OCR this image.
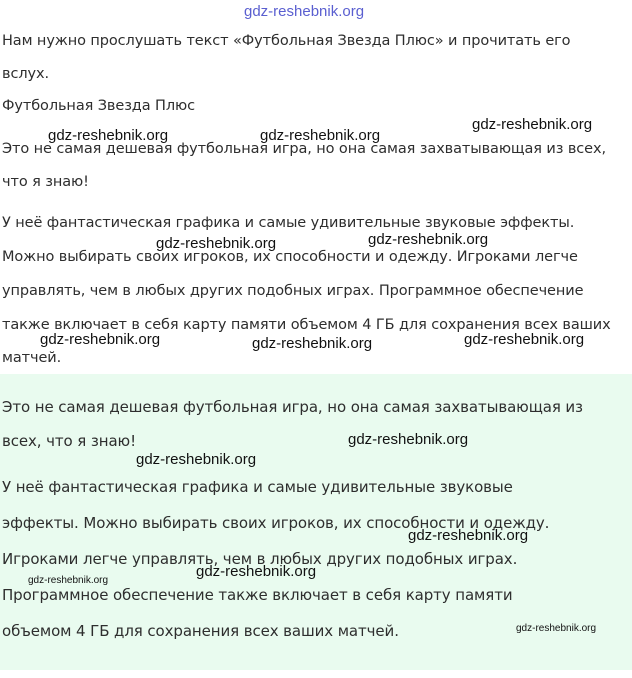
gdz-reshebnik.org
Нам нужно прослушать текст «Футбольная Звезда Плюс» и прочитать его
вслух.
Футбольная Звезда Плюс
Это не самая дешевая футбольная игра, но она самая захватывающая из всех,
что я знаю!
У неё фантастическая графика и самые удивительные звуковые эффекты.
Можно выбирать своих игроков, их способности и одежду. Игроками легче
управлять, чем в любых других подобных играх. Программное обеспечение
также включает в себя карту памяти объемом 4 ГБ для сохранения всех ваших
матчей.
Это не самая дешевая футбольная игра, но она самая захватывающая из
всех, что я знаю!
У неё фантастическая графика и самые удивительные звуковые
эффекты. Можно выбирать своих игроков, их способности и одежду.
Игроками легче управлять, чем в любых других подобных играх.
Программное обеспечение также включает в себя карту памяти
объемом 4 ГБ для сохранения всех ваших матчей.
gdz-reshebnik.org	gdz-reshebnik.org
gdz-reshebnik.org
gdz-reshebnik.org	gdz-reshebnik.org
gdz-reshebnik.org	gdz-reshebnik.org	gdz-reshebnik.org
gdz-reshebnik.org
gdz-reshebnik.org
gdz-reshebnik.org
gdz-reshebnik.org
gdz-reshebnik.org
gdz-reshebnik.org
